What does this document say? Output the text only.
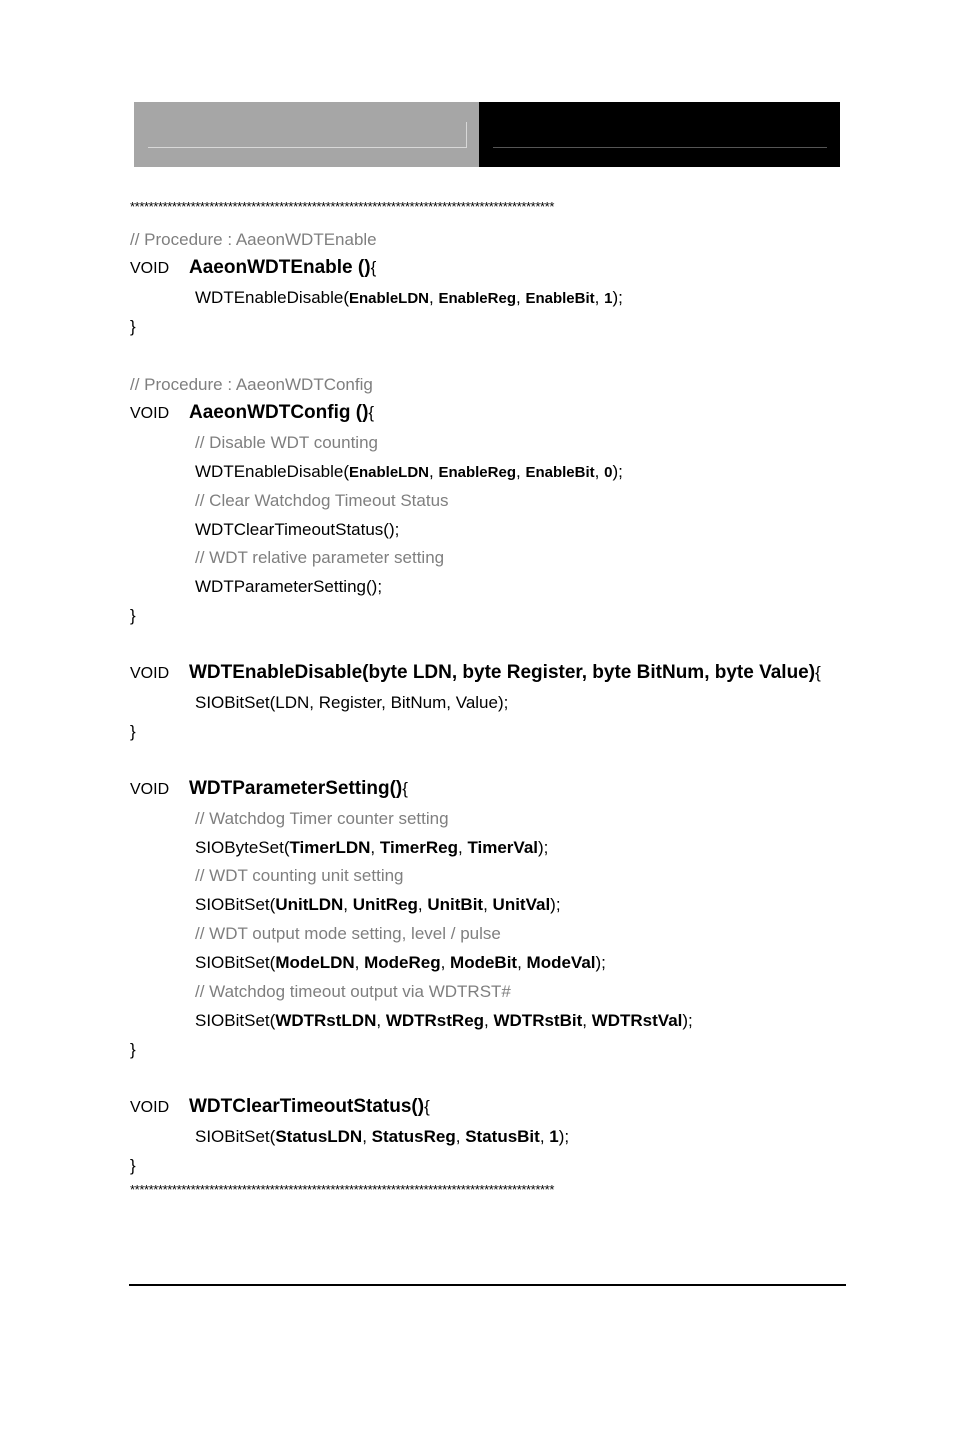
*******************************************************************************************
// Procedure : AaeonWDTEnable
VOID AaeonWDTEnable (){
WDTEnableDisable(EnableLDN, EnableReg, EnableBit, 1);
}
// Procedure : AaeonWDTConfig
VOID AaeonWDTConfig (){
// Disable WDT counting
WDTEnableDisable(EnableLDN, EnableReg, EnableBit, 0);
// Clear Watchdog Timeout Status
WDTClearTimeoutStatus();
// WDT relative parameter setting
WDTParameterSetting();
}
VOID WDTEnableDisable(byte LDN, byte Register, byte BitNum, byte Value){
SIOBitSet(LDN, Register, BitNum, Value);
}
VOID WDTParameterSetting(){
// Watchdog Timer counter setting
SIOByteSet(TimerLDN, TimerReg, TimerVal);
// WDT counting unit setting
SIOBitSet(UnitLDN, UnitReg, UnitBit, UnitVal);
// WDT output mode setting, level / pulse
SIOBitSet(ModeLDN, ModeReg, ModeBit, ModeVal);
// Watchdog timeout output via WDTRST#
SIOBitSet(WDTRstLDN, WDTRstReg, WDTRstBit, WDTRstVal);
}
VOID WDTClearTimeoutStatus(){
SIOBitSet(StatusLDN, StatusReg, StatusBit, 1);
}
*******************************************************************************************
